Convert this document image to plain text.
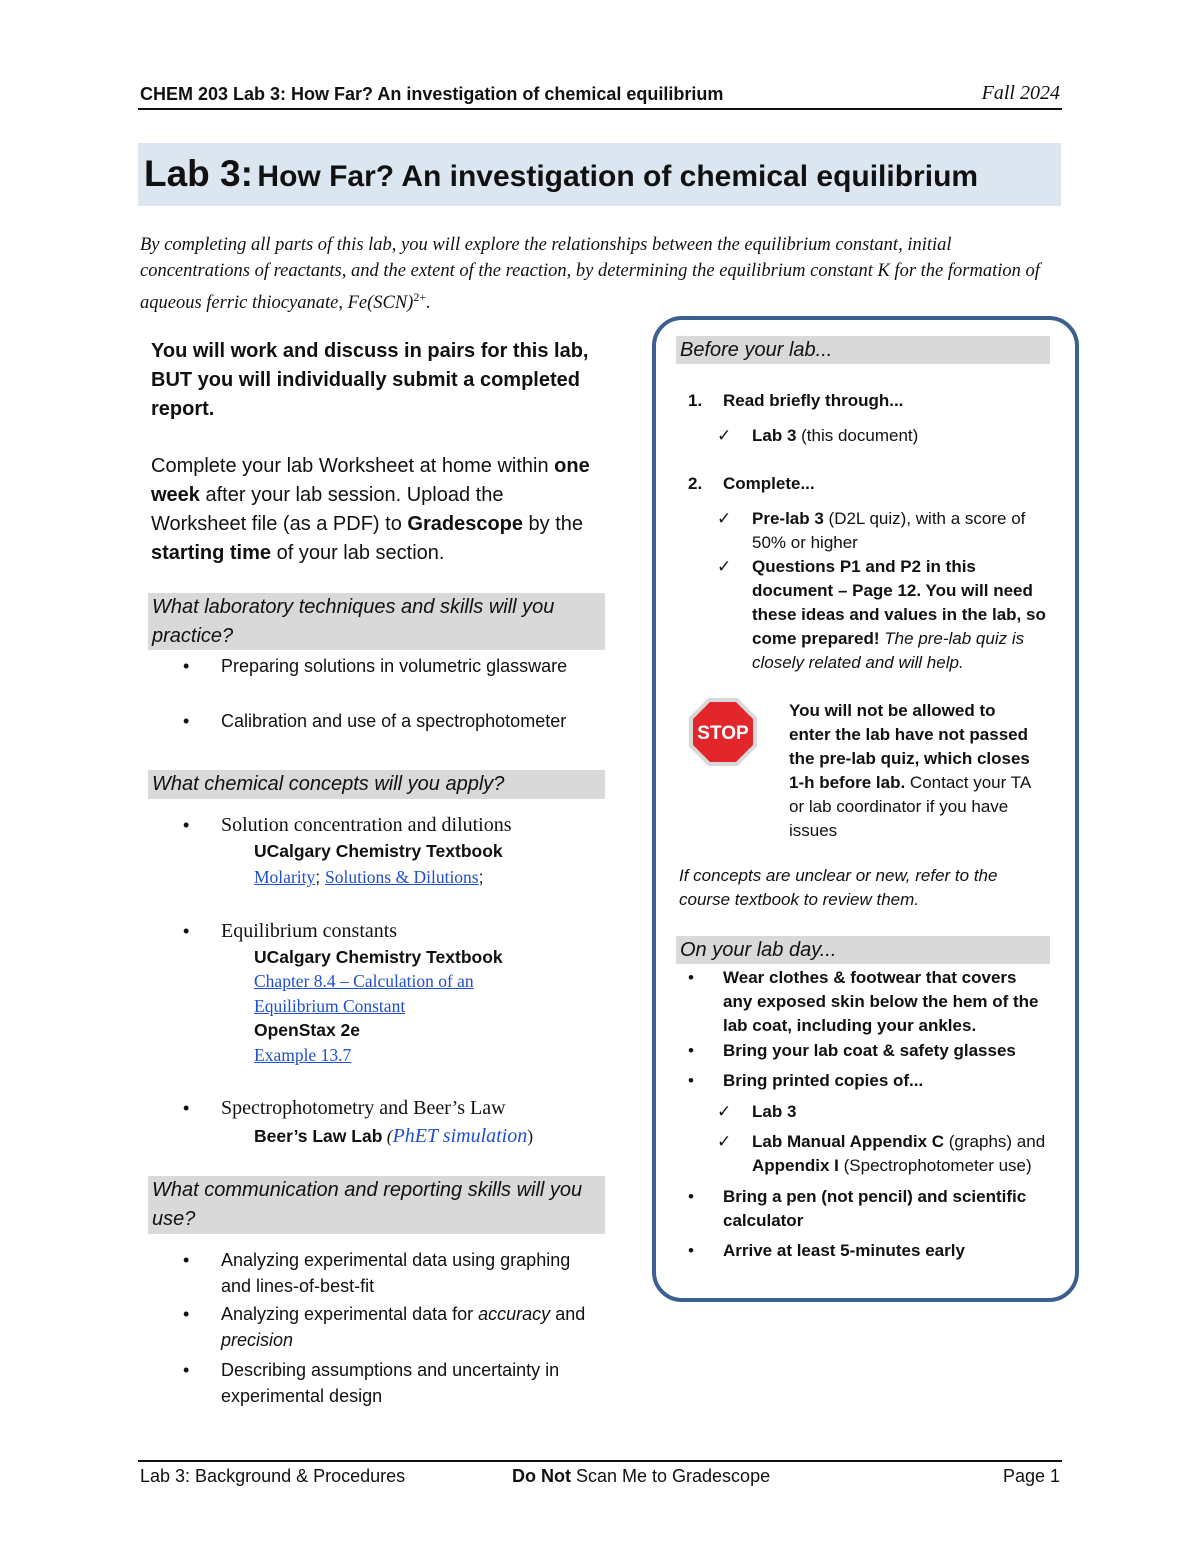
CHEM 203 Lab 3: How Far? An investigation of chemical equilibrium	Fall 2024
Lab 3: How Far? An investigation of chemical equilibrium
By completing all parts of this lab, you will explore the relationships between the equilibrium constant, initial concentrations of reactants, and the extent of the reaction, by determining the equilibrium constant K for the formation of aqueous ferric thiocyanate, Fe(SCN)$^{2+}$.
You will work and discuss in pairs for this lab,
BUT you will individually submit a completed report.
Complete your lab Worksheet at home within one week after your lab session. Upload the Worksheet file (as a PDF) to Gradescope by the starting time of your lab section.
What laboratory techniques and skills will you practice?
• Preparing solutions in volumetric glassware
• Calibration and use of a spectrophotometer
What chemical concepts will you apply?
• Solution concentration and dilutions
UCalgary Chemistry Textbook
Molarity; Solutions & Dilutions;
• Equilibrium constants
UCalgary Chemistry Textbook
Chapter 8.4 – Calculation of an
Equilibrium Constant
OpenStax 2e
Example 13.7
• Spectrophotometry and Beer’s Law
Beer’s Law Lab (PhET simulation)
What communication and reporting skills will you use?
• Analyzing experimental data using graphing and lines-of-best-fit
• Analyzing experimental data for accuracy and precision
• Describing assumptions and uncertainty in experimental design
Before your lab...
1. Read briefly through...
✓ Lab 3 (this document)
2. Complete...
✓ Pre-lab 3 (D2L quiz), with a score of 50% or higher
✓ Questions P1 and P2 in this document – Page 12. You will need these ideas and values in the lab, so come prepared! The pre-lab quiz is closely related and will help.
STOP
You will not be allowed to enter the lab have not passed the pre-lab quiz, which closes 1-h before lab. Contact your TA or lab coordinator if you have issues
If concepts are unclear or new, refer to the course textbook to review them.
On your lab day...
• Wear clothes & footwear that covers any exposed skin below the hem of the lab coat, including your ankles.
• Bring your lab coat & safety glasses
• Bring printed copies of...
✓ Lab 3
✓ Lab Manual Appendix C (graphs) and Appendix I (Spectrophotometer use)
• Bring a pen (not pencil) and scientific calculator
• Arrive at least 5-minutes early
Lab 3: Background & Procedures	Do Not Scan Me to Gradescope	Page 1
